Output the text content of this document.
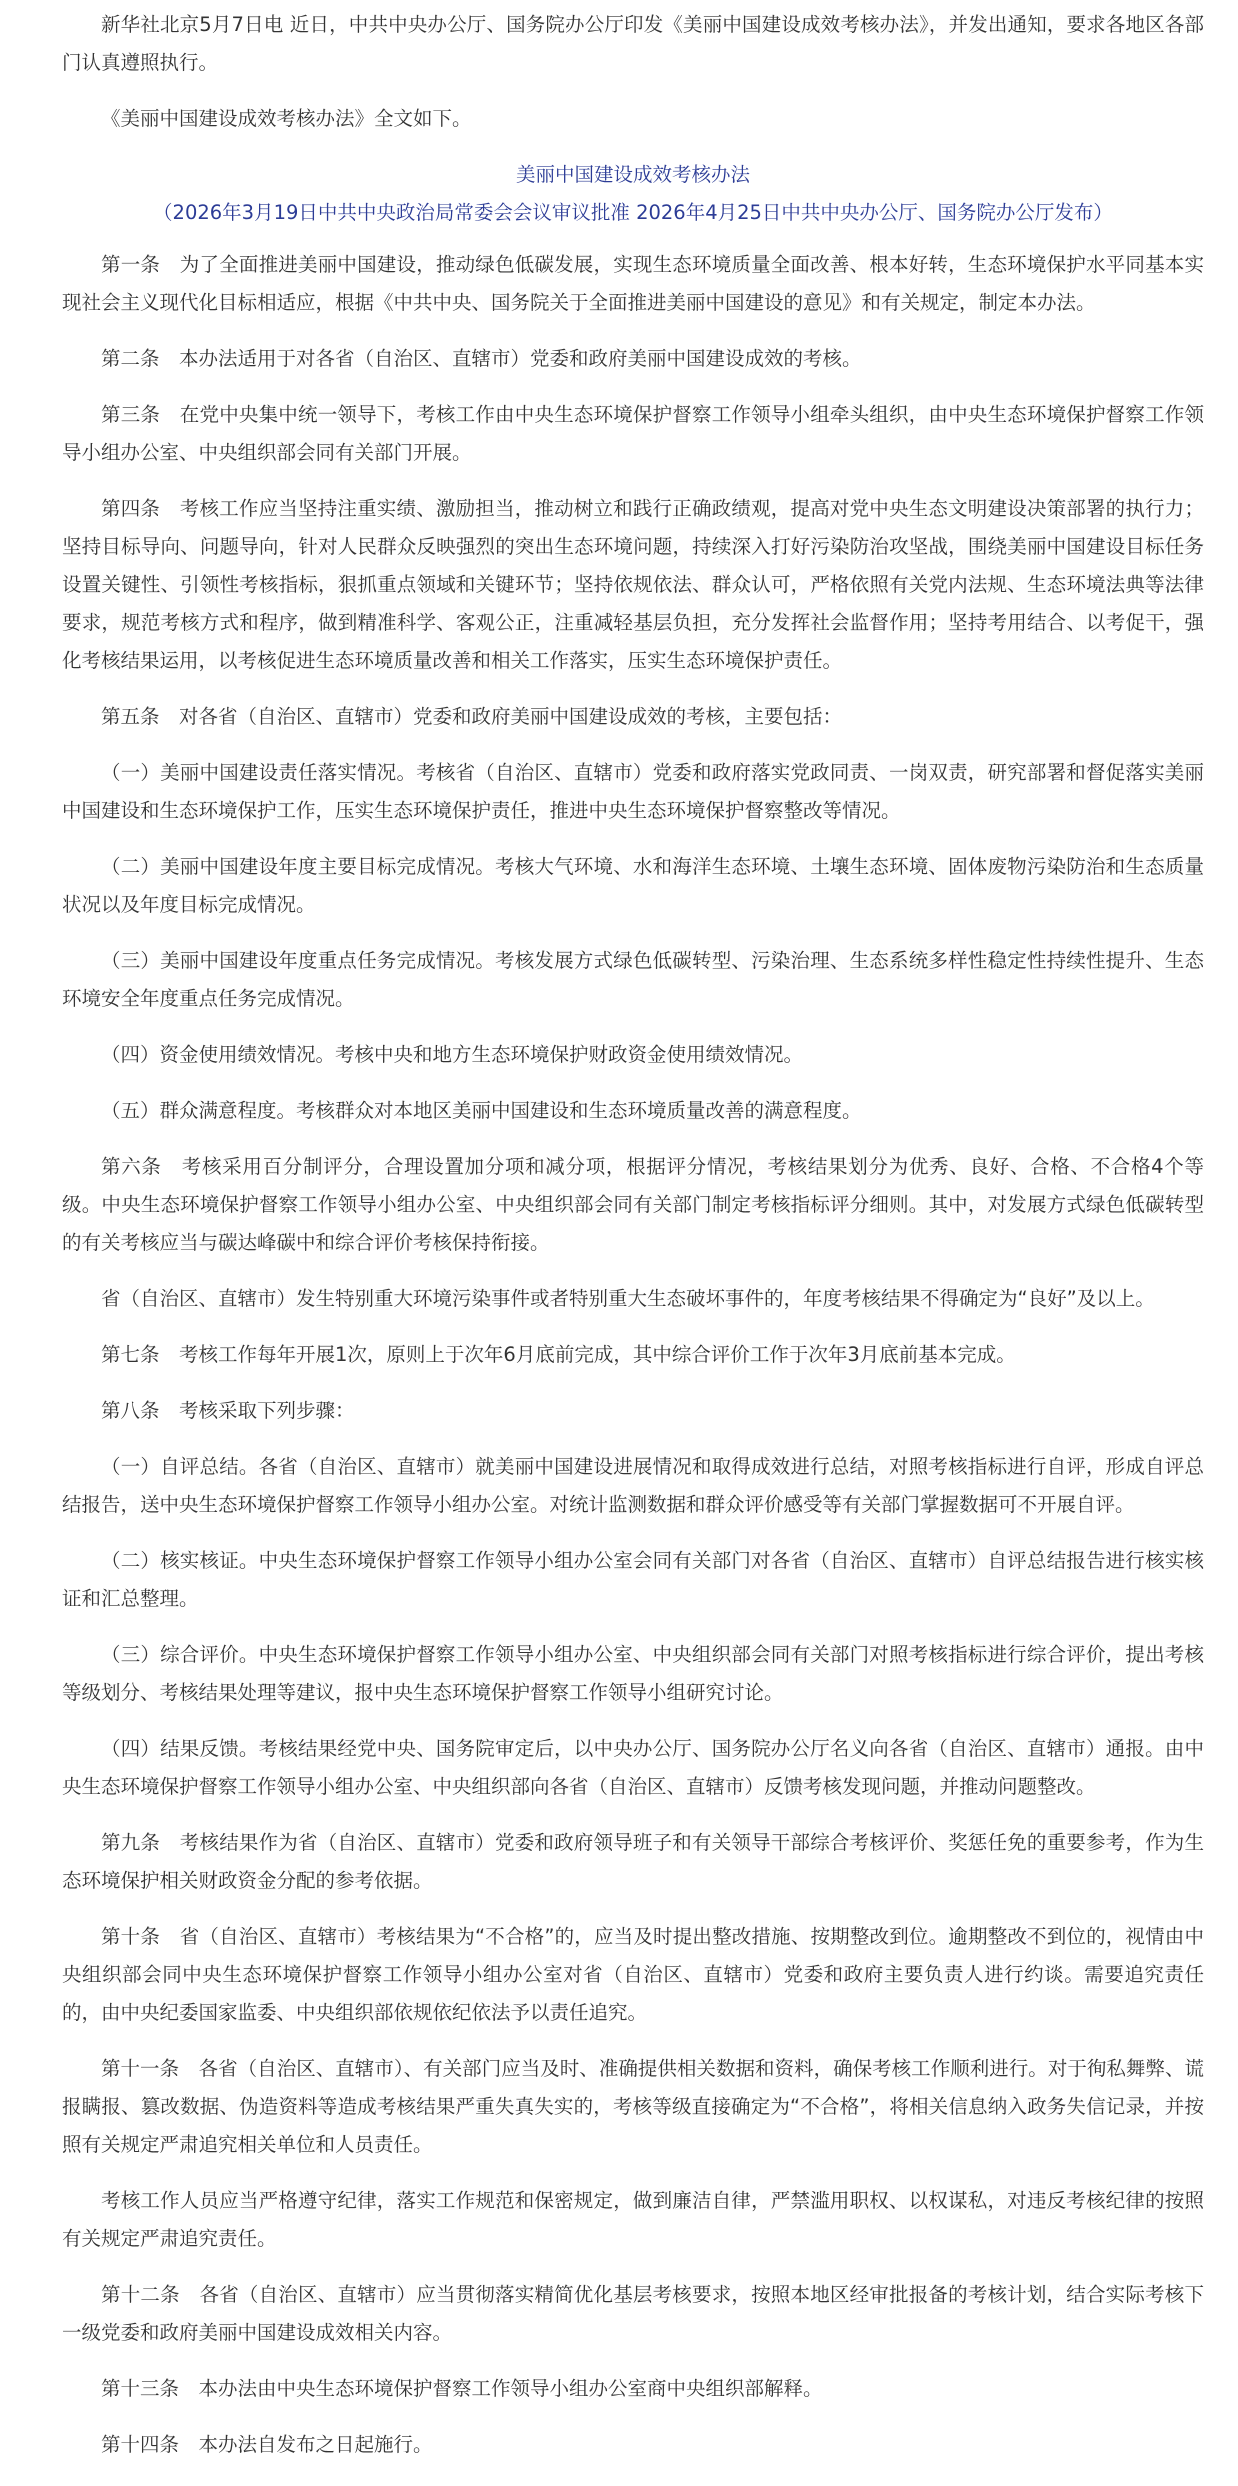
新华社北京5月7日电 近日，中共中央办公厅、国务院办公厅印发《美丽中国建设成效考核办法》，并发出通知，要求各地区各部门认真遵照执行。

《美丽中国建设成效考核办法》全文如下。

美丽中国建设成效考核办法
（2026年3月19日中共中央政治局常委会会议审议批准 2026年4月25日中共中央办公厅、国务院办公厅发布）

第一条　为了全面推进美丽中国建设，推动绿色低碳发展，实现生态环境质量全面改善、根本好转，生态环境保护水平同基本实现社会主义现代化目标相适应，根据《中共中央、国务院关于全面推进美丽中国建设的意见》和有关规定，制定本办法。

第二条　本办法适用于对各省（自治区、直辖市）党委和政府美丽中国建设成效的考核。

第三条　在党中央集中统一领导下，考核工作由中央生态环境保护督察工作领导小组牵头组织，由中央生态环境保护督察工作领导小组办公室、中央组织部会同有关部门开展。

第四条　考核工作应当坚持注重实绩、激励担当，推动树立和践行正确政绩观，提高对党中央生态文明建设决策部署的执行力；坚持目标导向、问题导向，针对人民群众反映强烈的突出生态环境问题，持续深入打好污染防治攻坚战，围绕美丽中国建设目标任务设置关键性、引领性考核指标，狠抓重点领域和关键环节；坚持依规依法、群众认可，严格依照有关党内法规、生态环境法典等法律要求，规范考核方式和程序，做到精准科学、客观公正，注重减轻基层负担，充分发挥社会监督作用；坚持考用结合、以考促干，强化考核结果运用，以考核促进生态环境质量改善和相关工作落实，压实生态环境保护责任。

第五条　对各省（自治区、直辖市）党委和政府美丽中国建设成效的考核，主要包括：

（一）美丽中国建设责任落实情况。考核省（自治区、直辖市）党委和政府落实党政同责、一岗双责，研究部署和督促落实美丽中国建设和生态环境保护工作，压实生态环境保护责任，推进中央生态环境保护督察整改等情况。

（二）美丽中国建设年度主要目标完成情况。考核大气环境、水和海洋生态环境、土壤生态环境、固体废物污染防治和生态质量状况以及年度目标完成情况。

（三）美丽中国建设年度重点任务完成情况。考核发展方式绿色低碳转型、污染治理、生态系统多样性稳定性持续性提升、生态环境安全年度重点任务完成情况。

（四）资金使用绩效情况。考核中央和地方生态环境保护财政资金使用绩效情况。

（五）群众满意程度。考核群众对本地区美丽中国建设和生态环境质量改善的满意程度。

第六条　考核采用百分制评分，合理设置加分项和减分项，根据评分情况，考核结果划分为优秀、良好、合格、不合格4个等级。中央生态环境保护督察工作领导小组办公室、中央组织部会同有关部门制定考核指标评分细则。其中，对发展方式绿色低碳转型的有关考核应当与碳达峰碳中和综合评价考核保持衔接。

省（自治区、直辖市）发生特别重大环境污染事件或者特别重大生态破坏事件的，年度考核结果不得确定为“良好”及以上。

第七条　考核工作每年开展1次，原则上于次年6月底前完成，其中综合评价工作于次年3月底前基本完成。

第八条　考核采取下列步骤：

（一）自评总结。各省（自治区、直辖市）就美丽中国建设进展情况和取得成效进行总结，对照考核指标进行自评，形成自评总结报告，送中央生态环境保护督察工作领导小组办公室。对统计监测数据和群众评价感受等有关部门掌握数据可不开展自评。

（二）核实核证。中央生态环境保护督察工作领导小组办公室会同有关部门对各省（自治区、直辖市）自评总结报告进行核实核证和汇总整理。

（三）综合评价。中央生态环境保护督察工作领导小组办公室、中央组织部会同有关部门对照考核指标进行综合评价，提出考核等级划分、考核结果处理等建议，报中央生态环境保护督察工作领导小组研究讨论。

（四）结果反馈。考核结果经党中央、国务院审定后，以中央办公厅、国务院办公厅名义向各省（自治区、直辖市）通报。由中央生态环境保护督察工作领导小组办公室、中央组织部向各省（自治区、直辖市）反馈考核发现问题，并推动问题整改。

第九条　考核结果作为省（自治区、直辖市）党委和政府领导班子和有关领导干部综合考核评价、奖惩任免的重要参考，作为生态环境保护相关财政资金分配的参考依据。

第十条　省（自治区、直辖市）考核结果为“不合格”的，应当及时提出整改措施、按期整改到位。逾期整改不到位的，视情由中央组织部会同中央生态环境保护督察工作领导小组办公室对省（自治区、直辖市）党委和政府主要负责人进行约谈。需要追究责任的，由中央纪委国家监委、中央组织部依规依纪依法予以责任追究。

第十一条　各省（自治区、直辖市）、有关部门应当及时、准确提供相关数据和资料，确保考核工作顺利进行。对于徇私舞弊、谎报瞒报、篡改数据、伪造资料等造成考核结果严重失真失实的，考核等级直接确定为“不合格”，将相关信息纳入政务失信记录，并按照有关规定严肃追究相关单位和人员责任。

考核工作人员应当严格遵守纪律，落实工作规范和保密规定，做到廉洁自律，严禁滥用职权、以权谋私，对违反考核纪律的按照有关规定严肃追究责任。

第十二条　各省（自治区、直辖市）应当贯彻落实精简优化基层考核要求，按照本地区经审批报备的考核计划，结合实际考核下一级党委和政府美丽中国建设成效相关内容。

第十三条　本办法由中央生态环境保护督察工作领导小组办公室商中央组织部解释。

第十四条　本办法自发布之日起施行。
